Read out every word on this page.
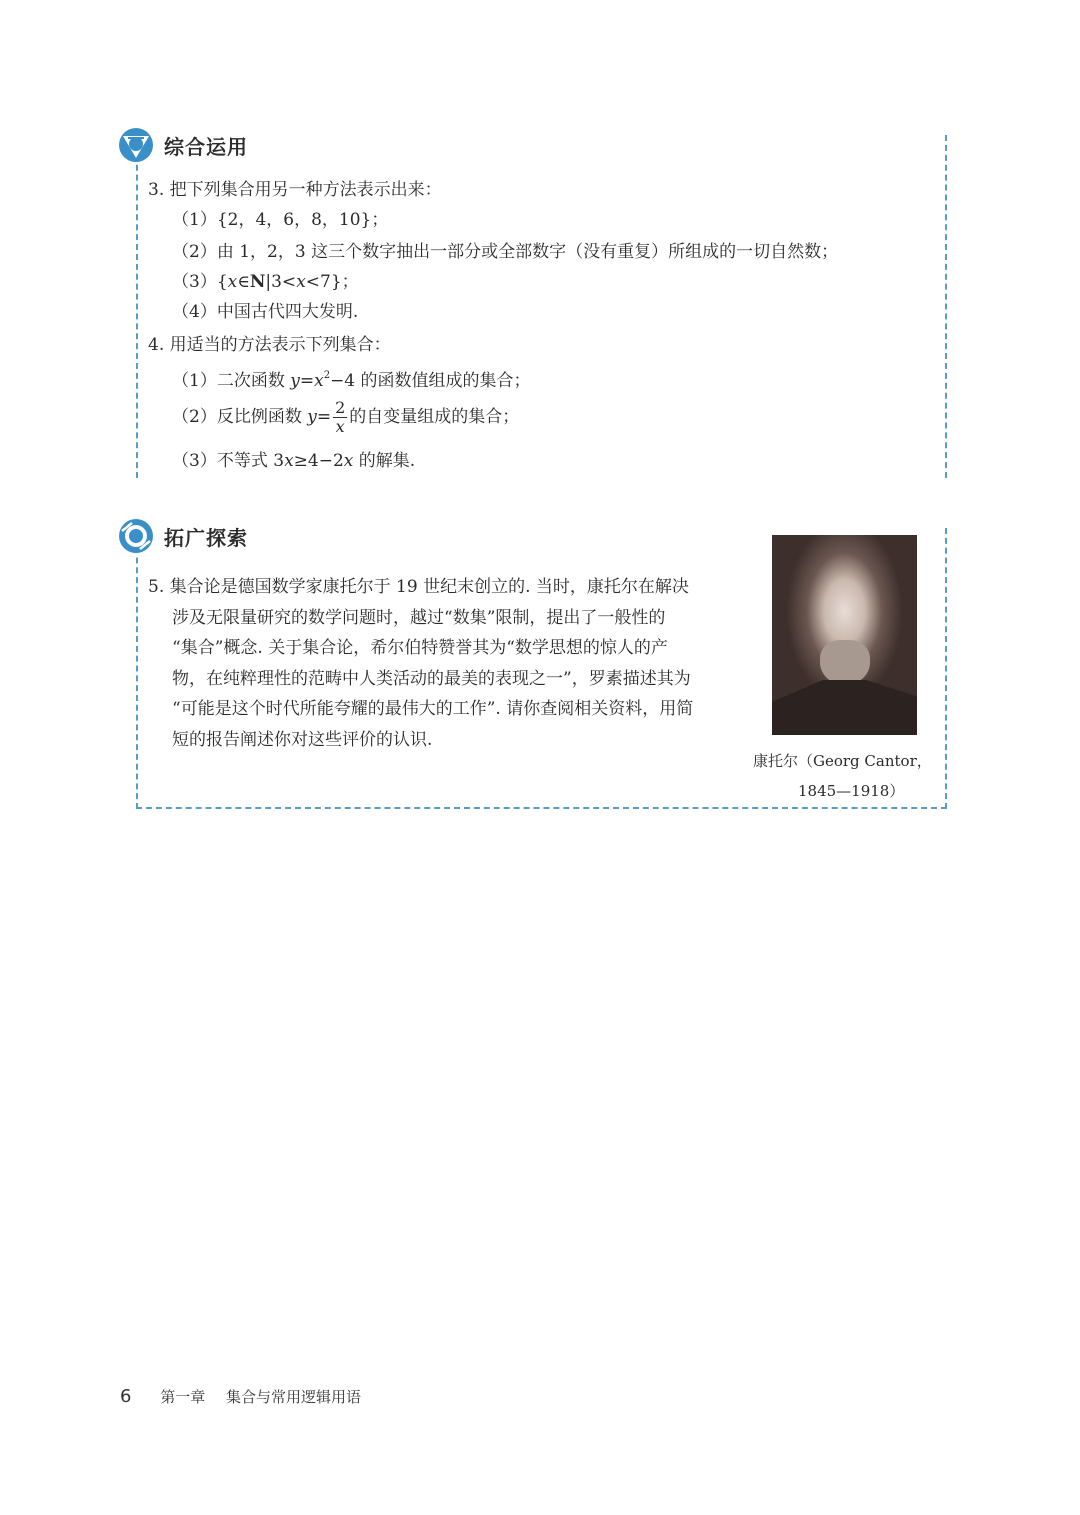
综合运用
3. 把下列集合用另一种方法表示出来：
（1）{2，4，6，8，10}；
（2）由 1，2，3 这三个数字抽出一部分或全部数字（没有重复）所组成的一切自然数；
（3）{x∈N|3<x<7}；
（4）中国古代四大发明.
4. 用适当的方法表示下列集合：
（1）二次函数 $y=x^2-4$ 的函数值组成的集合；
（2）反比例函数 $y= \frac{2}{x}$ 的自变量组成的集合；
（3）不等式 3x≥4−2x 的解集.
拓广探索
5. 集合论是德国数学家康托尔于 19 世纪末创立的. 当时，康托尔在解决
涉及无限量研究的数学问题时，越过“数集”限制，提出了一般性的
“集合”概念. 关于集合论，希尔伯特赞誉其为“数学思想的惊人的产
物，在纯粹理性的范畴中人类活动的最美的表现之一”，罗素描述其为
“可能是这个时代所能夸耀的最伟大的工作”. 请你查阅相关资料，用简
短的报告阐述你对这些评价的认识.
康托尔（Georg Cantor，
1845—1918）
6 第一章 集合与常用逻辑用语
